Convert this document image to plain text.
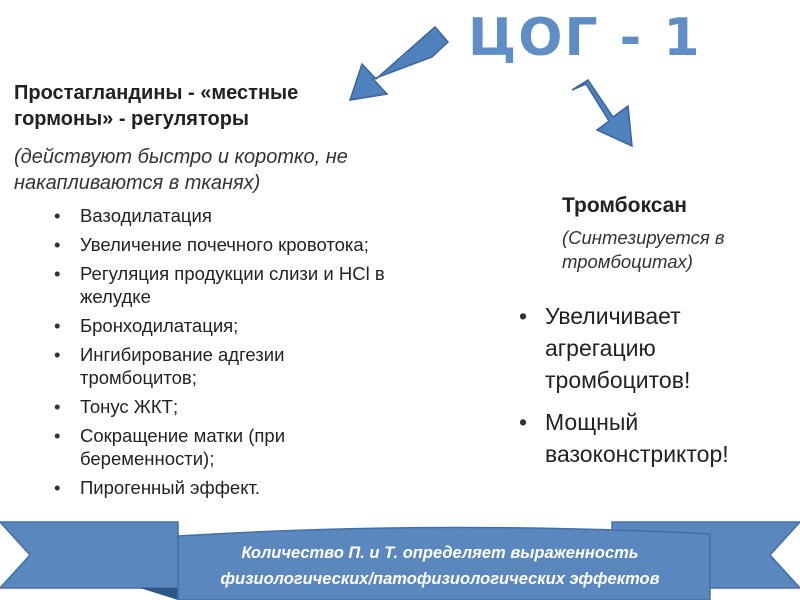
ЦОГ - 1
Простагландины - «местные гормоны» - регуляторы
(действуют быстро и коротко, не накапливаются в тканях)
• Вазодилатация
• Увеличение почечного кровотока;
• Регуляция продукции слизи и HCl в желудке
• Бронходилатация;
• Ингибирование адгезии тромбоцитов;
• Тонус ЖКТ;
• Сокращение матки (при беременности);
• Пирогенный эффект.
Тромбоксан
(Синтезируется в тромбоцитах)
• Увеличивает агрегацию тромбоцитов!
• Мощный вазоконстриктор!
Количество П. и Т. определяет выраженность
физиологических/патофизиологических эффектов
